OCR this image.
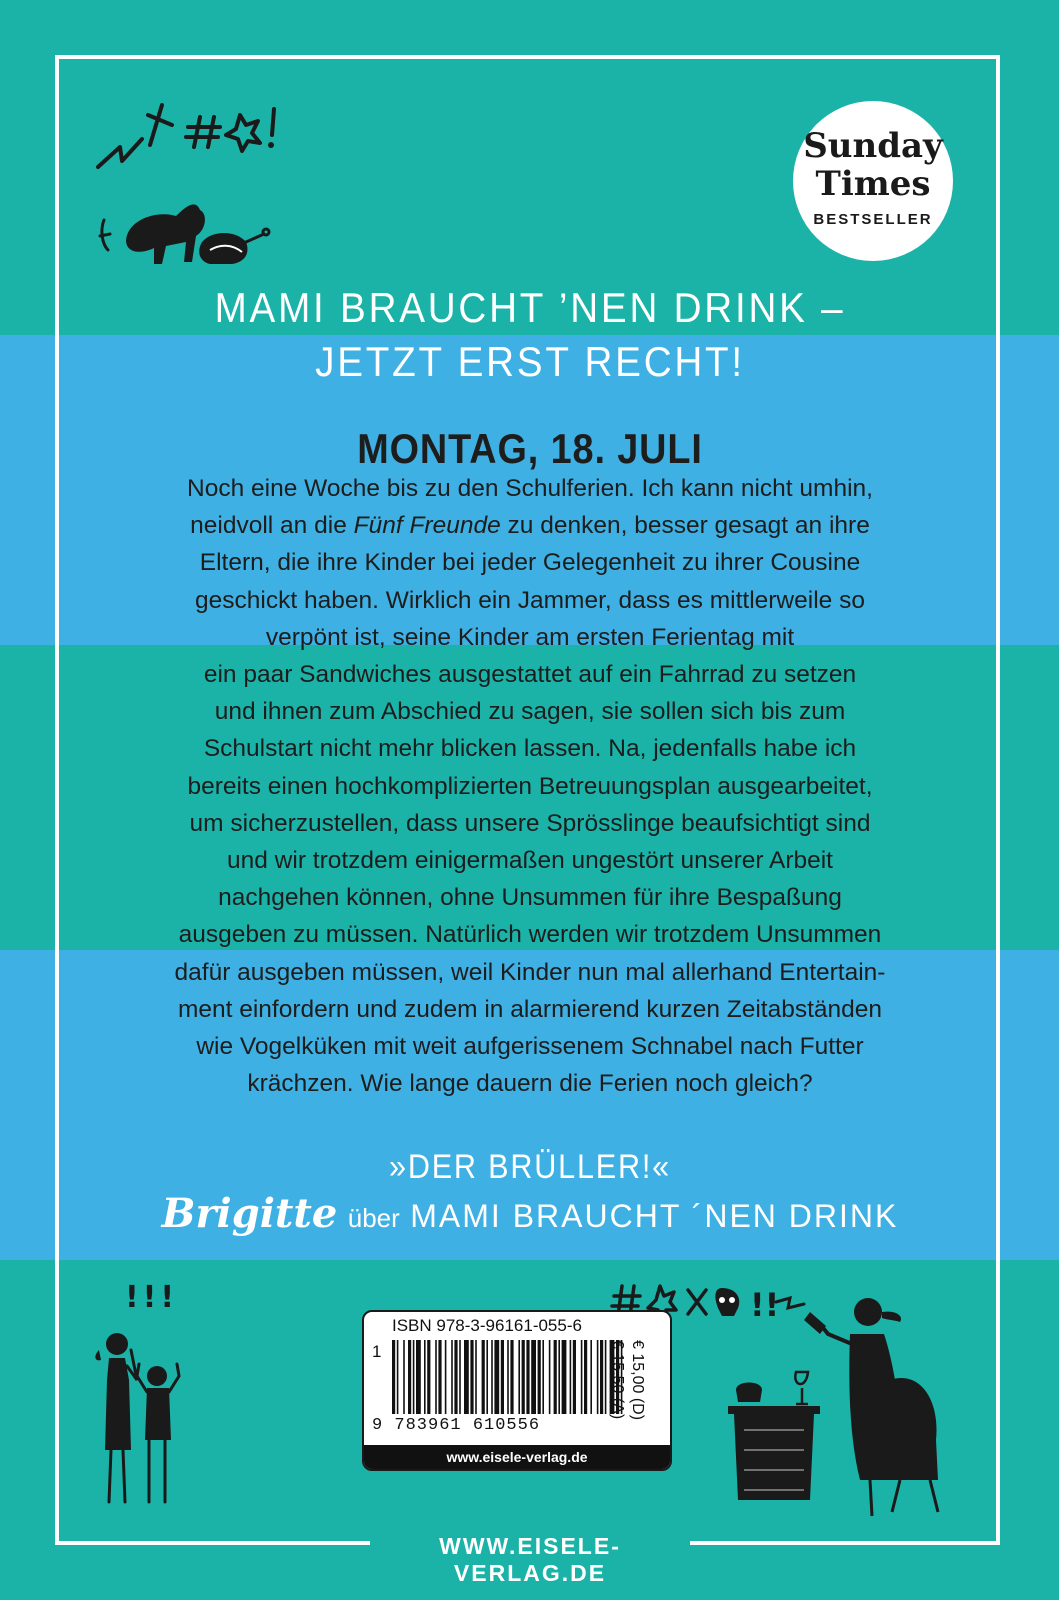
Sunday
Times
BESTSELLER
MAMI BRAUCHT ’NEN DRINK –
JETZT ERST RECHT!
MONTAG, 18. JULI
Noch eine Woche bis zu den Schulferien. Ich kann nicht umhin,
neidvoll an die Fünf Freunde zu denken, besser gesagt an ihre
Eltern, die ihre Kinder bei jeder Gelegenheit zu ihrer Cousine
geschickt haben. Wirklich ein Jammer, dass es mittlerweile so
verpönt ist, seine Kinder am ersten Ferientag mit
ein paar Sandwiches ausgestattet auf ein Fahrrad zu setzen
und ihnen zum Abschied zu sagen, sie sollen sich bis zum
Schulstart nicht mehr blicken lassen. Na, jedenfalls habe ich
bereits einen hochkomplizierten Betreuungsplan ausgearbeitet,
um sicherzustellen, dass unsere Sprösslinge beaufsichtigt sind
und wir trotzdem einigermaßen ungestört unserer Arbeit
nachgehen können, ohne Unsummen für ihre Bespaßung
ausgeben zu müssen. Natürlich werden wir trotzdem Unsummen
dafür ausgeben müssen, weil Kinder nun mal allerhand Entertain-
ment einfordern und zudem in alarmierend kurzen Zeitabständen
wie Vogelküken mit weit aufgerissenem Schnabel nach Futter
krächzen. Wie lange dauern die Ferien noch gleich?
»DER BRÜLLER!«
Brigitte über MAMI BRAUCHT ´NEN DRINK
!!!	!!
ISBN 978-3-96161-055-6
1
9 783961 610556
€ 15,00 (D)
€ 15,50 (A)
www.eisele-verlag.de
WWW.EISELE-VERLAG.DE
